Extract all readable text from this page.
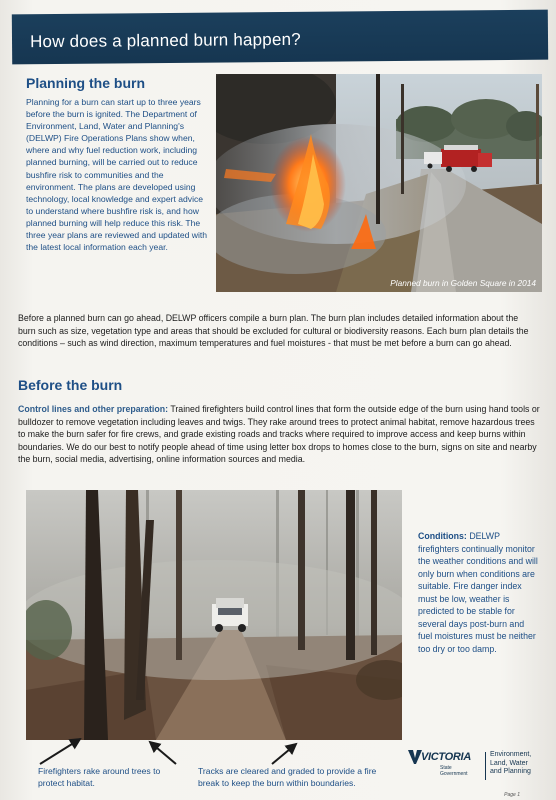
How does a planned burn happen?
Planning the burn

Planning for a burn can start up to three years before the burn is ignited. The Department of Environment, Land, Water and Planning's (DELWP) Fire Operations Plans show when, where and why fuel reduction work, including planned burning, will be carried out to reduce bushfire risk to communities and the environment. The plans are developed using technology, local knowledge and expert advice to understand where bushfire risk is, and how planned burning will help reduce this risk. The three year plans are reviewed and updated with the latest local information each year.

Planned burn in Golden Square in 2014

Before a planned burn can go ahead, DELWP officers compile a burn plan. The burn plan includes detailed information about the burn such as size, vegetation type and areas that should be excluded for cultural or biodiversity reasons. Each burn plan details the conditions – such as wind direction, maximum temperatures and fuel moistures - that must be met before a burn can go ahead.

Before the burn

Control lines and other preparation: Trained firefighters build control lines that form the outside edge of the burn using hand tools or bulldozer to remove vegetation including leaves and twigs. They rake around trees to protect animal habitat, remove hazardous trees to make the burn safer for fire crews, and grade existing roads and tracks where required to improve access and keep burns within boundaries. We do our best to notify people ahead of time using letter box drops to homes close to the burn, signs on site and nearby the burn, social media, advertising, online information sources and media.

Conditions: DELWP firefighters continually monitor the weather conditions and will only burn when conditions are suitable. Fire danger index must be low, weather is predicted to be stable for several days post-burn and fuel moistures must be neither too dry or too damp.

Firefighters rake around trees to protect habitat.

Tracks are cleared and graded to provide a fire break to keep the burn within boundaries.

VICTORIA
State
Government
Environment,
Land, Water
and Planning
Page 1
